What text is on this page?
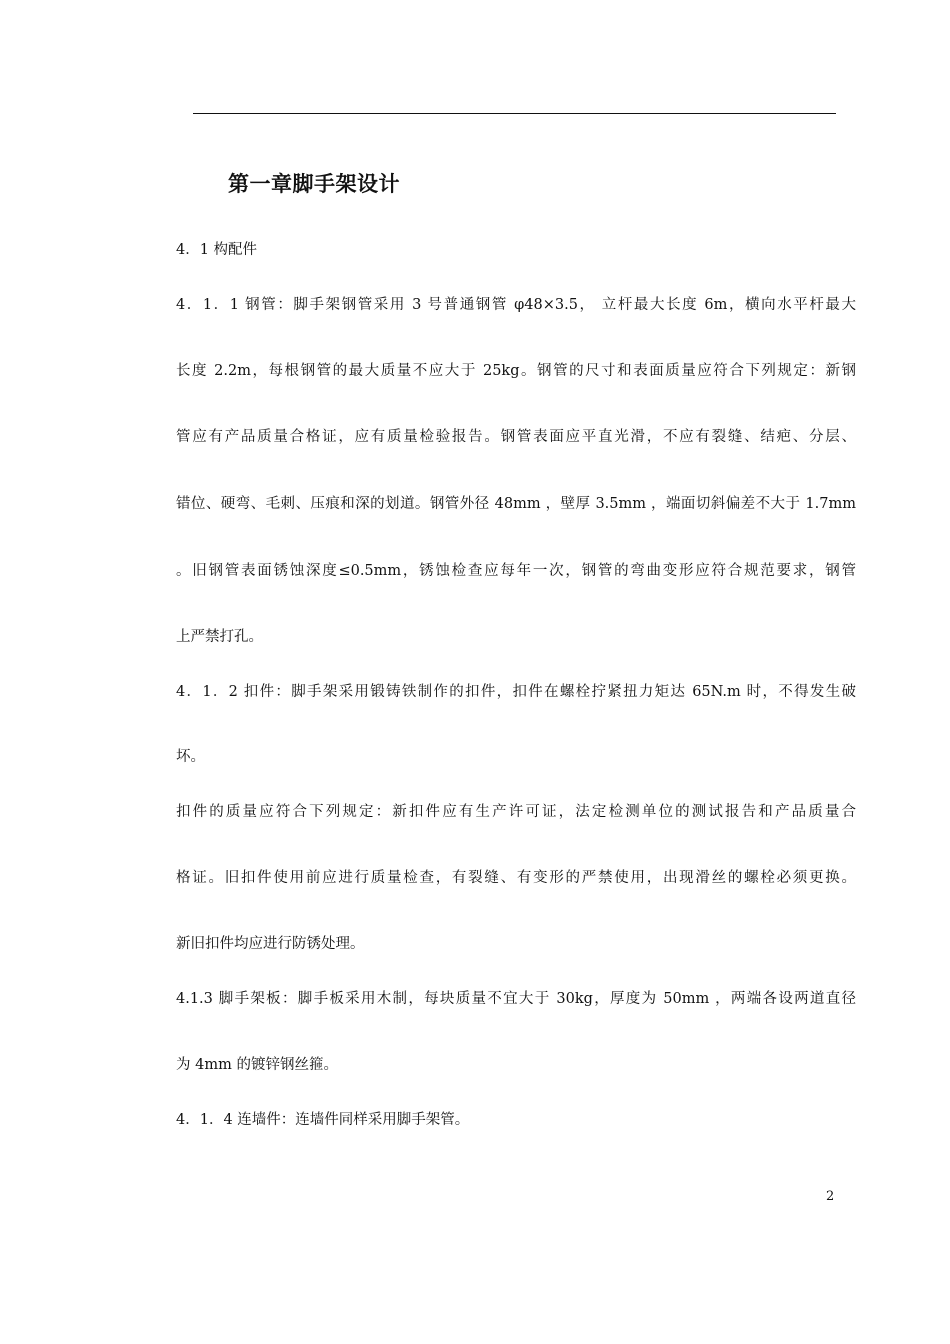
第一章脚手架设计
4．1 构配件
4．1．1 钢管：脚手架钢管采用 3 号普通钢管 φ48×3.5， 立杆最大长度 6m，横向水平杆最大
长度 2.2m，每根钢管的最大质量不应大于 25kg。钢管的尺寸和表面质量应符合下列规定：新钢
管应有产品质量合格证，应有质量检验报告。钢管表面应平直光滑，不应有裂缝、结疤、分层、
错位、硬弯、毛刺、压痕和深的划道。钢管外径 48mm ，壁厚 3.5mm ，端面切斜偏差不大于 1.7mm
。旧钢管表面锈蚀深度≤0.5mm，锈蚀检查应每年一次，钢管的弯曲变形应符合规范要求，钢管
上严禁打孔。
4．1．2 扣件：脚手架采用锻铸铁制作的扣件，扣件在螺栓拧紧扭力矩达 65N.m 时，不得发生破
坏。
扣件的质量应符合下列规定：新扣件应有生产许可证，法定检测单位的测试报告和产品质量合
格证。旧扣件使用前应进行质量检查，有裂缝、有变形的严禁使用，出现滑丝的螺栓必须更换。
新旧扣件均应进行防锈处理。
4.1.3 脚手架板：脚手板采用木制，每块质量不宜大于 30kg，厚度为 50mm ，两端各设两道直径
为 4mm 的镀锌钢丝箍。
4．1．4 连墙件：连墙件同样采用脚手架管。
2
